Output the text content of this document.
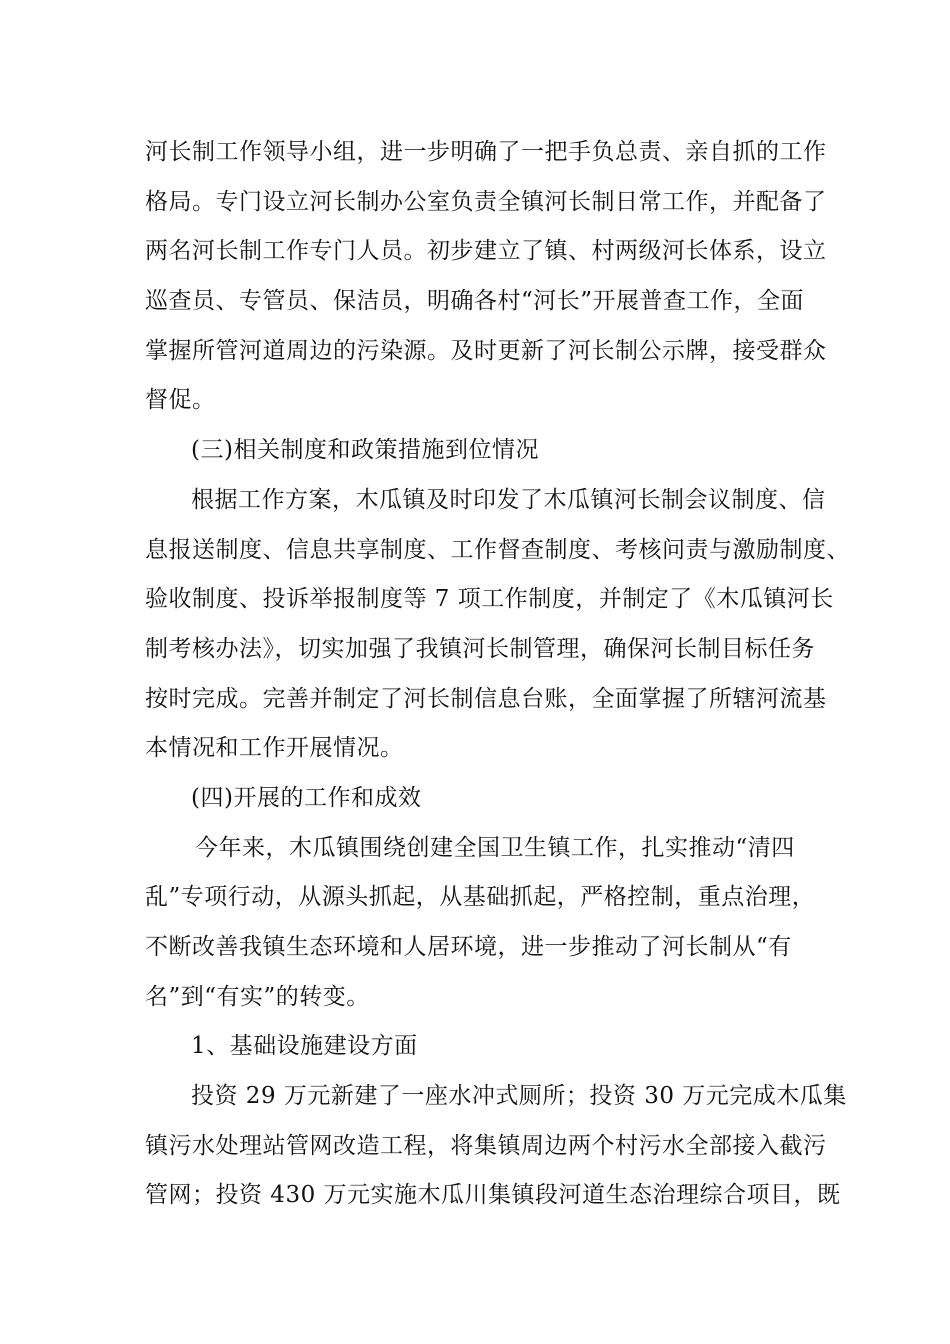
河长制工作领导小组，进一步明确了一把手负总责、亲自抓的工作
格局。专门设立河长制办公室负责全镇河长制日常工作，并配备了
两名河长制工作专门人员。初步建立了镇、村两级河长体系，设立
巡查员、专管员、保洁员，明确各村“河长”开展普查工作，全面
掌握所管河道周边的污染源。及时更新了河长制公示牌，接受群众
督促。
(三)相关制度和政策措施到位情况
根据工作方案，木瓜镇及时印发了木瓜镇河长制会议制度、信
息报送制度、信息共享制度、工作督查制度、考核问责与激励制度、
验收制度、投诉举报制度等 7 项工作制度，并制定了《木瓜镇河长
制考核办法》，切实加强了我镇河长制管理，确保河长制目标任务
按时完成。完善并制定了河长制信息台账，全面掌握了所辖河流基
本情况和工作开展情况。
(四)开展的工作和成效
今年来，木瓜镇围绕创建全国卫生镇工作，扎实推动“清四
乱”专项行动，从源头抓起，从基础抓起，严格控制，重点治理，
不断改善我镇生态环境和人居环境，进一步推动了河长制从“有
名”到“有实”的转变。
1、基础设施建设方面
投资 29 万元新建了一座水冲式厕所；投资 30 万元完成木瓜集
镇污水处理站管网改造工程，将集镇周边两个村污水全部接入截污
管网；投资 430 万元实施木瓜川集镇段河道生态治理综合项目，既
